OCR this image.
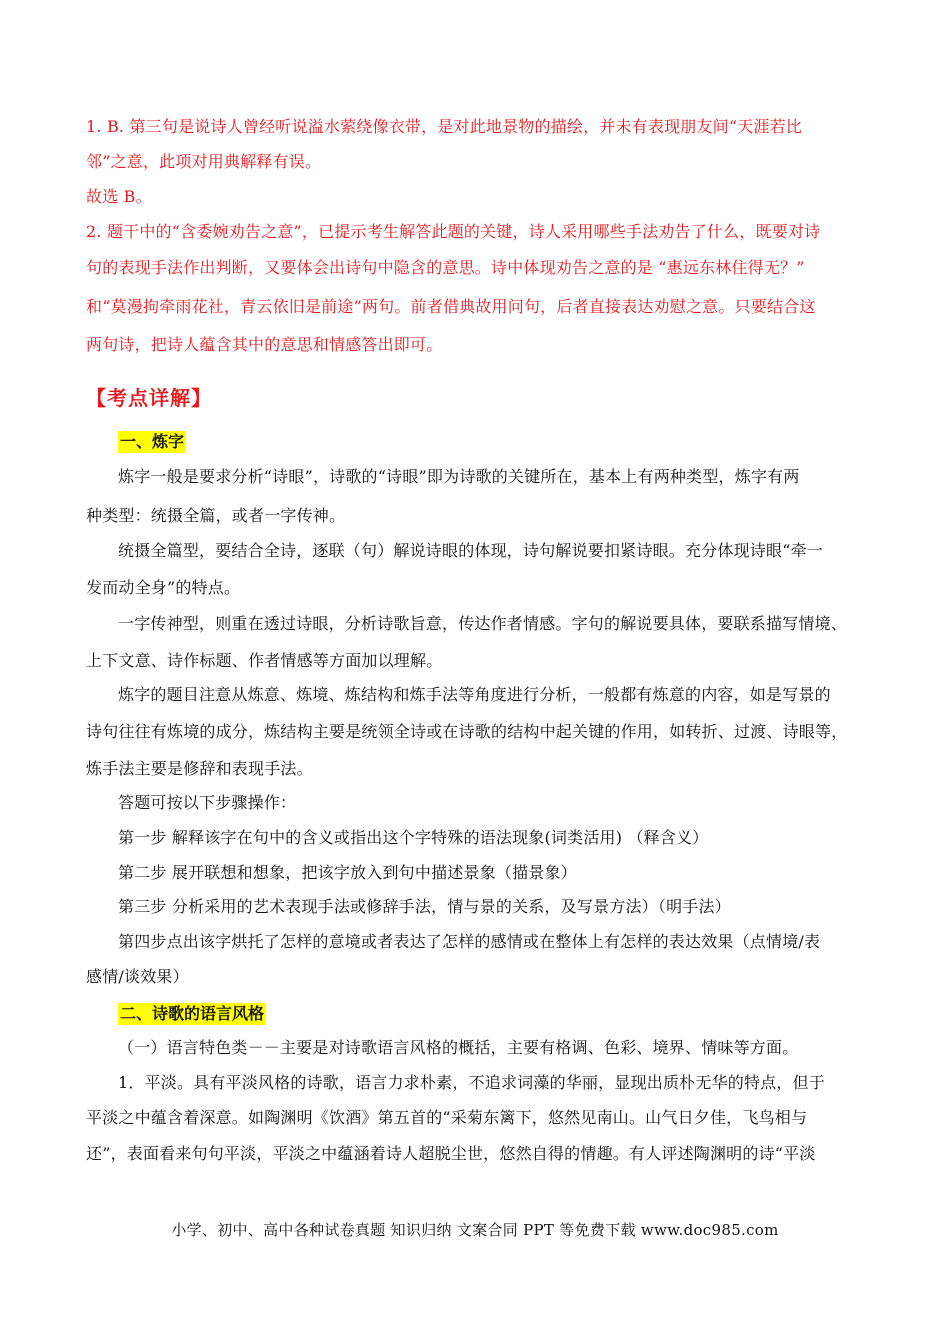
1. B. 第三句是说诗人曾经听说溢水萦绕像衣带，是对此地景物的描绘，并未有表现朋友间“天涯若比
邻”之意，此项对用典解释有误。
故选 B。
2. 题干中的“含委婉劝告之意”，已提示考生解答此题的关键，诗人采用哪些手法劝告了什么，既要对诗
句的表现手法作出判断，又要体会出诗句中隐含的意思。诗中体现劝告之意的是 “惠远东林住得无？”
和“莫漫拘牵雨花社，青云依旧是前途”两句。前者借典故用问句，后者直接表达劝慰之意。只要结合这
两句诗，把诗人蕴含其中的意思和情感答出即可。
【考点详解】
一、炼字
炼字一般是要求分析“诗眼”，诗歌的“诗眼”即为诗歌的关键所在，基本上有两种类型，炼字有两
种类型：统摄全篇，或者一字传神。
统摄全篇型，要结合全诗，逐联（句）解说诗眼的体现，诗句解说要扣紧诗眼。充分体现诗眼“牵一
发而动全身”的特点。
一字传神型，则重在透过诗眼，分析诗歌旨意，传达作者情感。字句的解说要具体，要联系描写情境、
上下文意、诗作标题、作者情感等方面加以理解。
炼字的题目注意从炼意、炼境、炼结构和炼手法等角度进行分析，一般都有炼意的内容，如是写景的
诗句往往有炼境的成分，炼结构主要是统领全诗或在诗歌的结构中起关键的作用，如转折、过渡、诗眼等，
炼手法主要是修辞和表现手法。
答题可按以下步骤操作：
第一步 解释该字在句中的含义或指出这个字特殊的语法现象(词类活用) （释含义）
第二步 展开联想和想象，把该字放入到句中描述景象（描景象）
第三步 分析采用的艺术表现手法或修辞手法，情与景的关系，及写景方法）（明手法）
第四步点出该字烘托了怎样的意境或者表达了怎样的感情或在整体上有怎样的表达效果（点情境/表
感情/谈效果）
二、诗歌的语言风格
（一）语言特色类－－主要是对诗歌语言风格的概括，主要有格调、色彩、境界、情味等方面。
1．平淡。具有平淡风格的诗歌，语言力求朴素，不追求词藻的华丽，显现出质朴无华的特点，但于
平淡之中蕴含着深意。如陶渊明《饮酒》第五首的“采菊东篱下，悠然见南山。山气日夕佳，飞鸟相与
还”，表面看来句句平淡，平淡之中蕴涵着诗人超脱尘世，悠然自得的情趣。有人评述陶渊明的诗“平淡
小学、初中、高中各种试卷真题 知识归纳 文案合同 PPT 等免费下载 www.doc985.com
